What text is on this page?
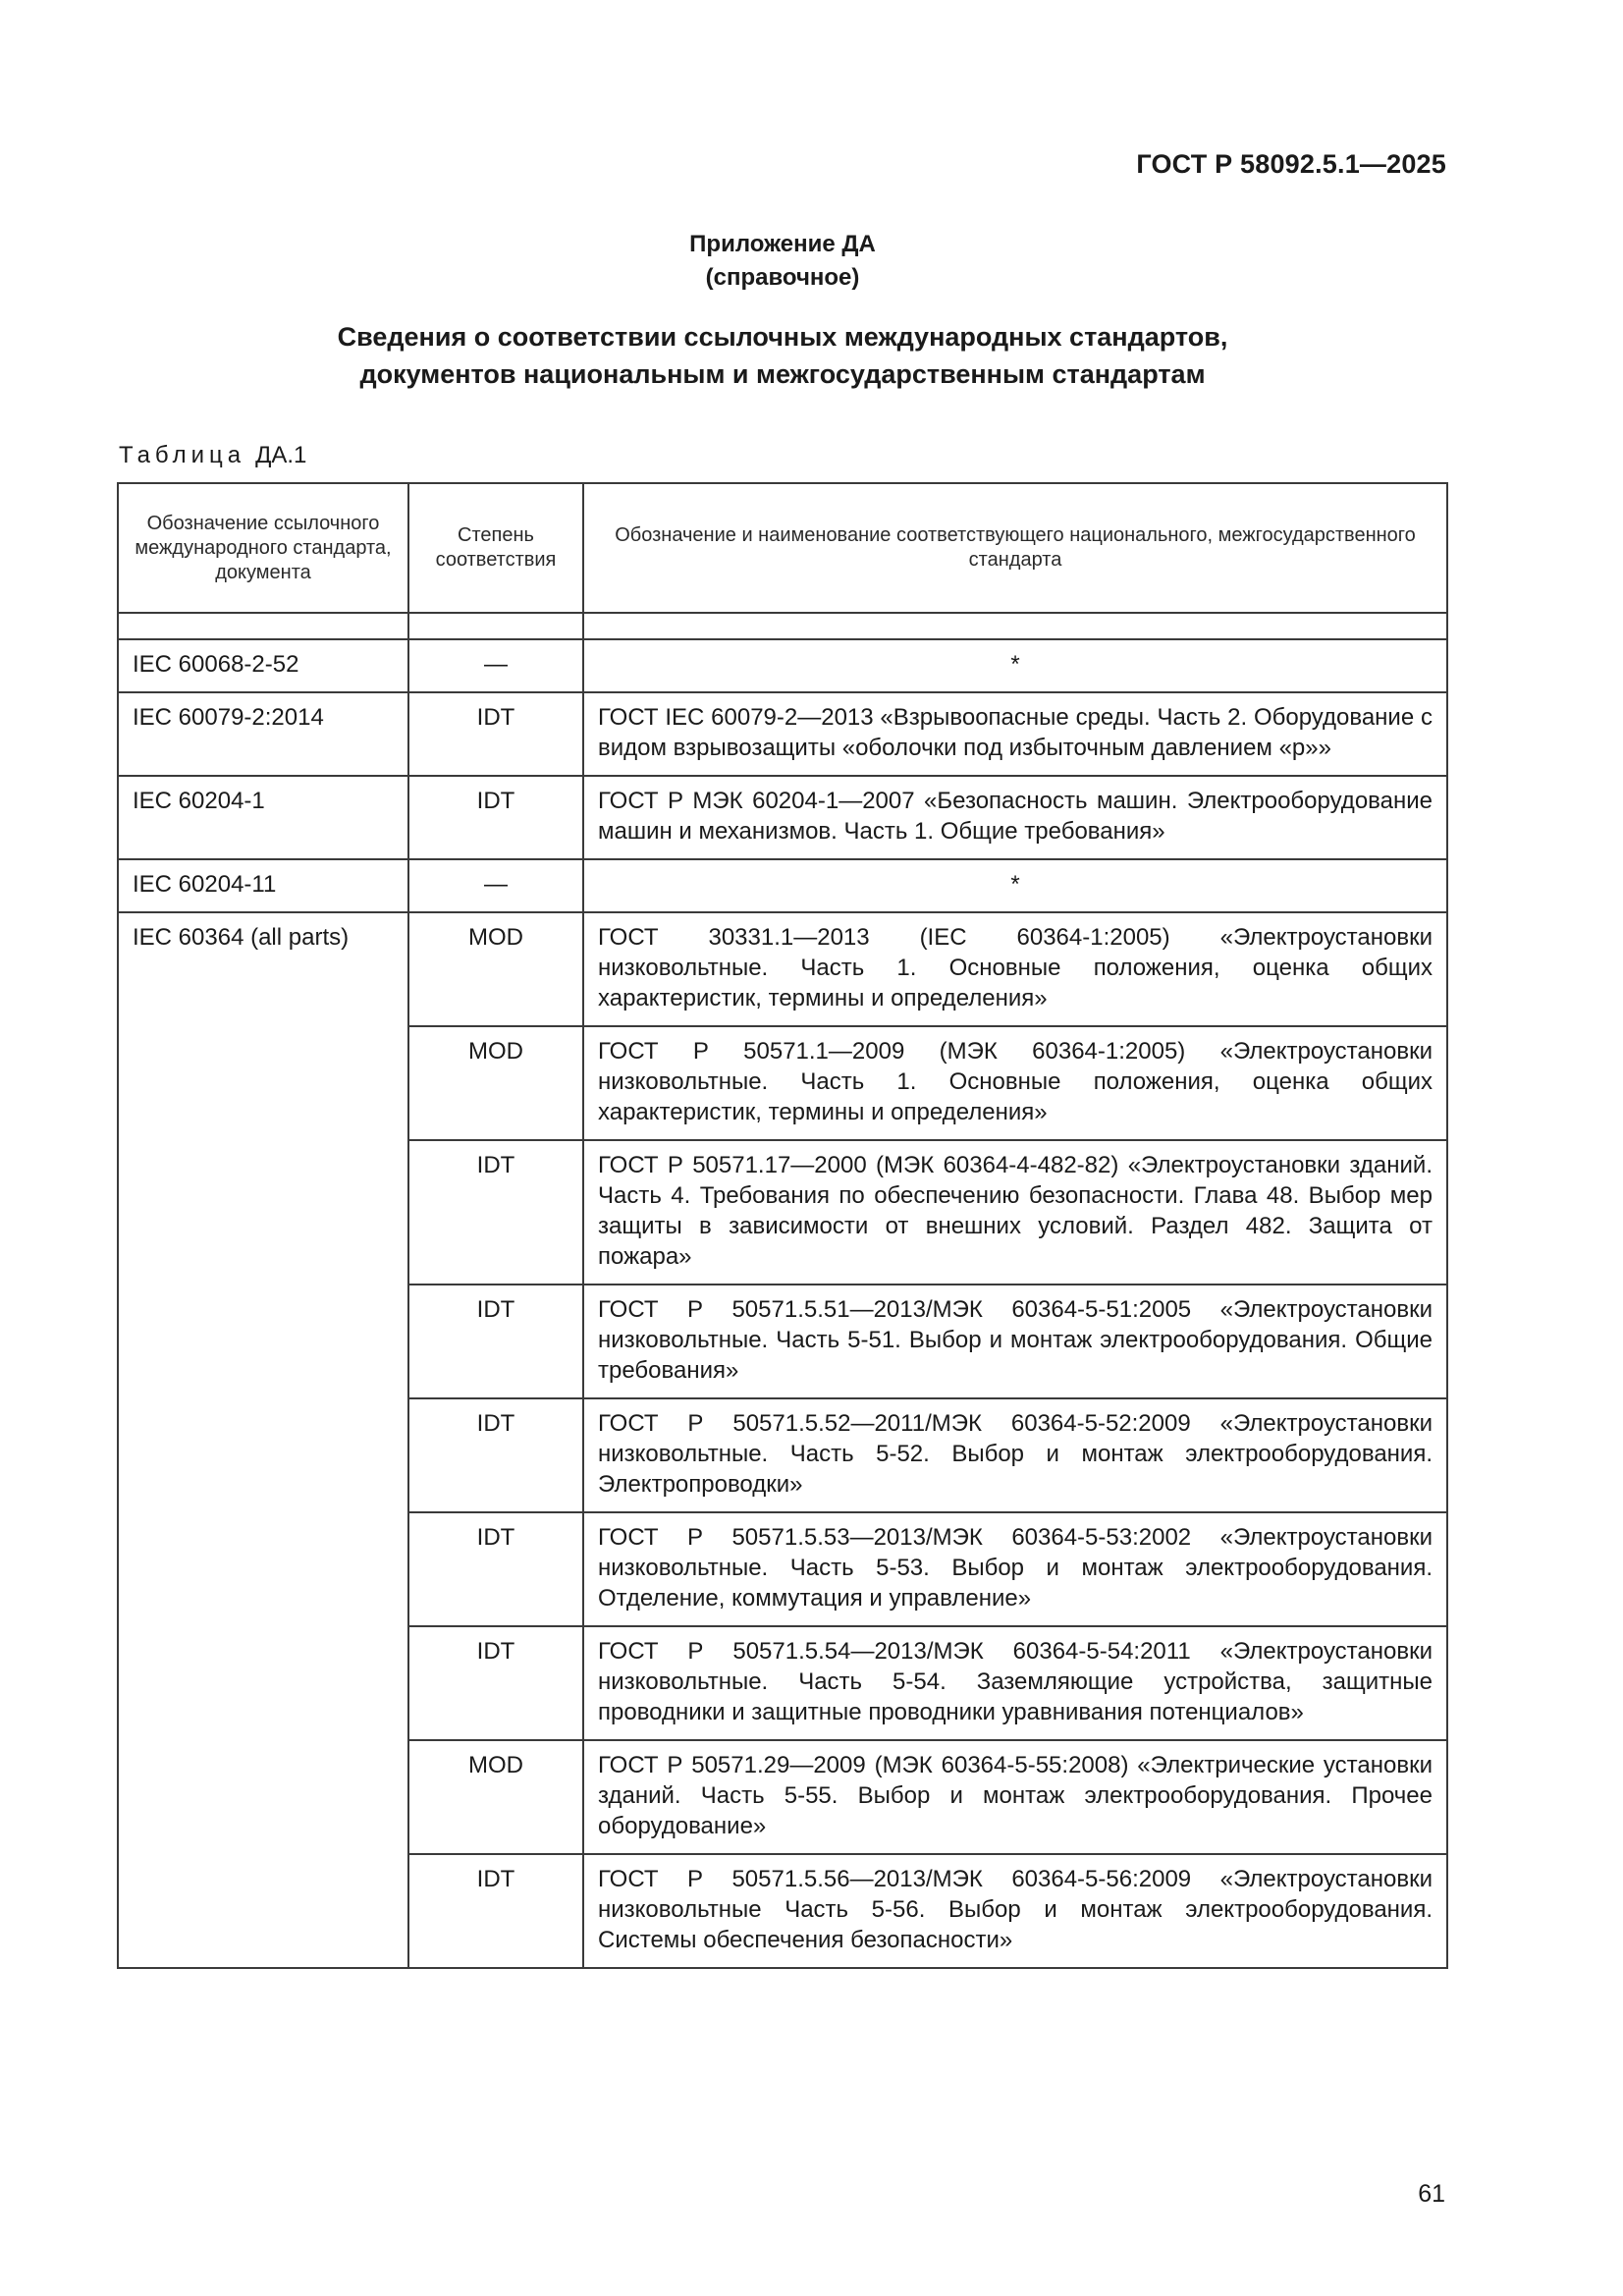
ГОСТ Р 58092.5.1—2025
Приложение ДА
(справочное)
Сведения о соответствии ссылочных международных стандартов,
документов национальным и межгосударственным стандартам
Таблица ДА.1
Обозначение ссылочного международного стандарта, документа	Степень соответствия	Обозначение и наименование соответствующего национального, межгосударственного стандарта

IEC 60068-2-52	—	*
IEC 60079-2:2014	IDT	ГОСТ IEC 60079-2—2013 «Взрывоопасные среды. Часть 2. Оборудование с видом взрывозащиты «оболочки под избыточным давлением «р»»
IEC 60204-1	IDT	ГОСТ Р МЭК 60204-1—2007 «Безопасность машин. Электрооборудование машин и механизмов. Часть 1. Общие требования»
IEC 60204-11	—	*
IEC 60364 (all parts)	MOD	ГОСТ 30331.1—2013 (IEC 60364-1:2005) «Электроустановки низковольтные. Часть 1. Основные положения, оценка общих характеристик, термины и определения»
	MOD	ГОСТ Р 50571.1—2009 (МЭК 60364-1:2005) «Электроустановки низковольтные. Часть 1. Основные положения, оценка общих характеристик, термины и определения»
	IDT	ГОСТ Р 50571.17—2000 (МЭК 60364-4-482-82) «Электроустановки зданий. Часть 4. Требования по обеспечению безопасности. Глава 48. Выбор мер защиты в зависимости от внешних условий. Раздел 482. Защита от пожара»
	IDT	ГОСТ Р 50571.5.51—2013/МЭК 60364-5-51:2005 «Электроустановки низковольтные. Часть 5-51. Выбор и монтаж электрооборудования. Общие требования»
	IDT	ГОСТ Р 50571.5.52—2011/МЭК 60364-5-52:2009 «Электроустановки низковольтные. Часть 5-52. Выбор и монтаж электрооборудования. Электропроводки»
	IDT	ГОСТ Р 50571.5.53—2013/МЭК 60364-5-53:2002 «Электроустановки низковольтные. Часть 5-53. Выбор и монтаж электрооборудования. Отделение, коммутация и управление»
	IDT	ГОСТ Р 50571.5.54—2013/МЭК 60364-5-54:2011 «Электроустановки низковольтные. Часть 5-54. Заземляющие устройства, защитные проводники и защитные проводники уравнивания потенциалов»
	MOD	ГОСТ Р 50571.29—2009 (МЭК 60364-5-55:2008) «Электрические установки зданий. Часть 5-55. Выбор и монтаж электрооборудования. Прочее оборудование»
	IDT	ГОСТ Р 50571.5.56—2013/МЭК 60364-5-56:2009 «Электроустановки низковольтные Часть 5-56. Выбор и монтаж электрооборудования. Системы обеспечения безопасности»
61
